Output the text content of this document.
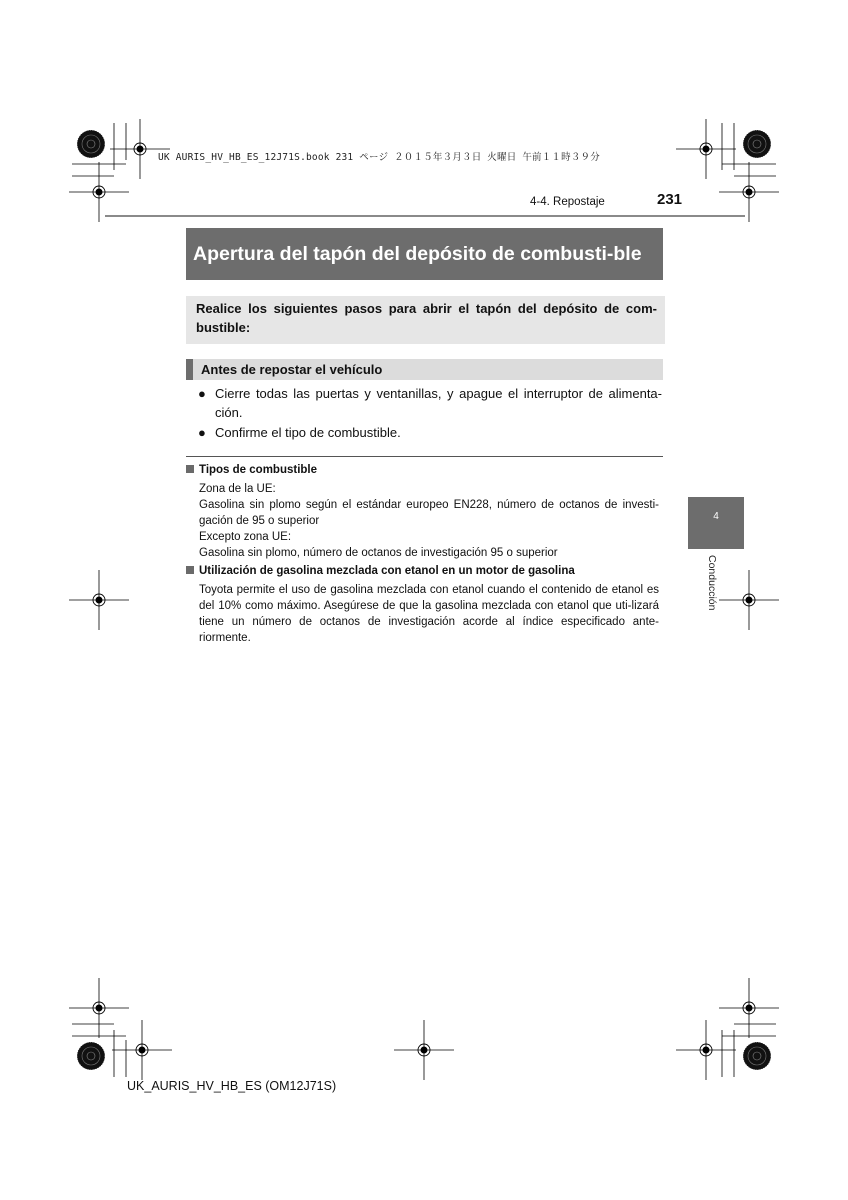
UK AURIS_HV_HB_ES_12J71S.book 231 ページ ２０１５年３月３日 火曜日 午前１１時３９分
4-4. Repostaje	231
Apertura del tapón del depósito de combusti-ble
Realice los siguientes pasos para abrir el tapón del depósito de com-bustible:
Antes de repostar el vehículo
● Cierre todas las puertas y ventanillas, y apague el interruptor de alimenta-ción.
● Confirme el tipo de combustible.
Tipos de combustible
Zona de la UE:
Gasolina sin plomo según el estándar europeo EN228, número de octanos de investi-gación de 95 o superior
Excepto zona UE:
Gasolina sin plomo, número de octanos de investigación 95 o superior
Utilización de gasolina mezclada con etanol en un motor de gasolina
Toyota permite el uso de gasolina mezclada con etanol cuando el contenido de etanol es del 10% como máximo. Asegúrese de que la gasolina mezclada con etanol que uti-lizará tiene un número de octanos de investigación acorde al índice especificado ante-riormente.
4
Conducción
UK_AURIS_HV_HB_ES (OM12J71S)
